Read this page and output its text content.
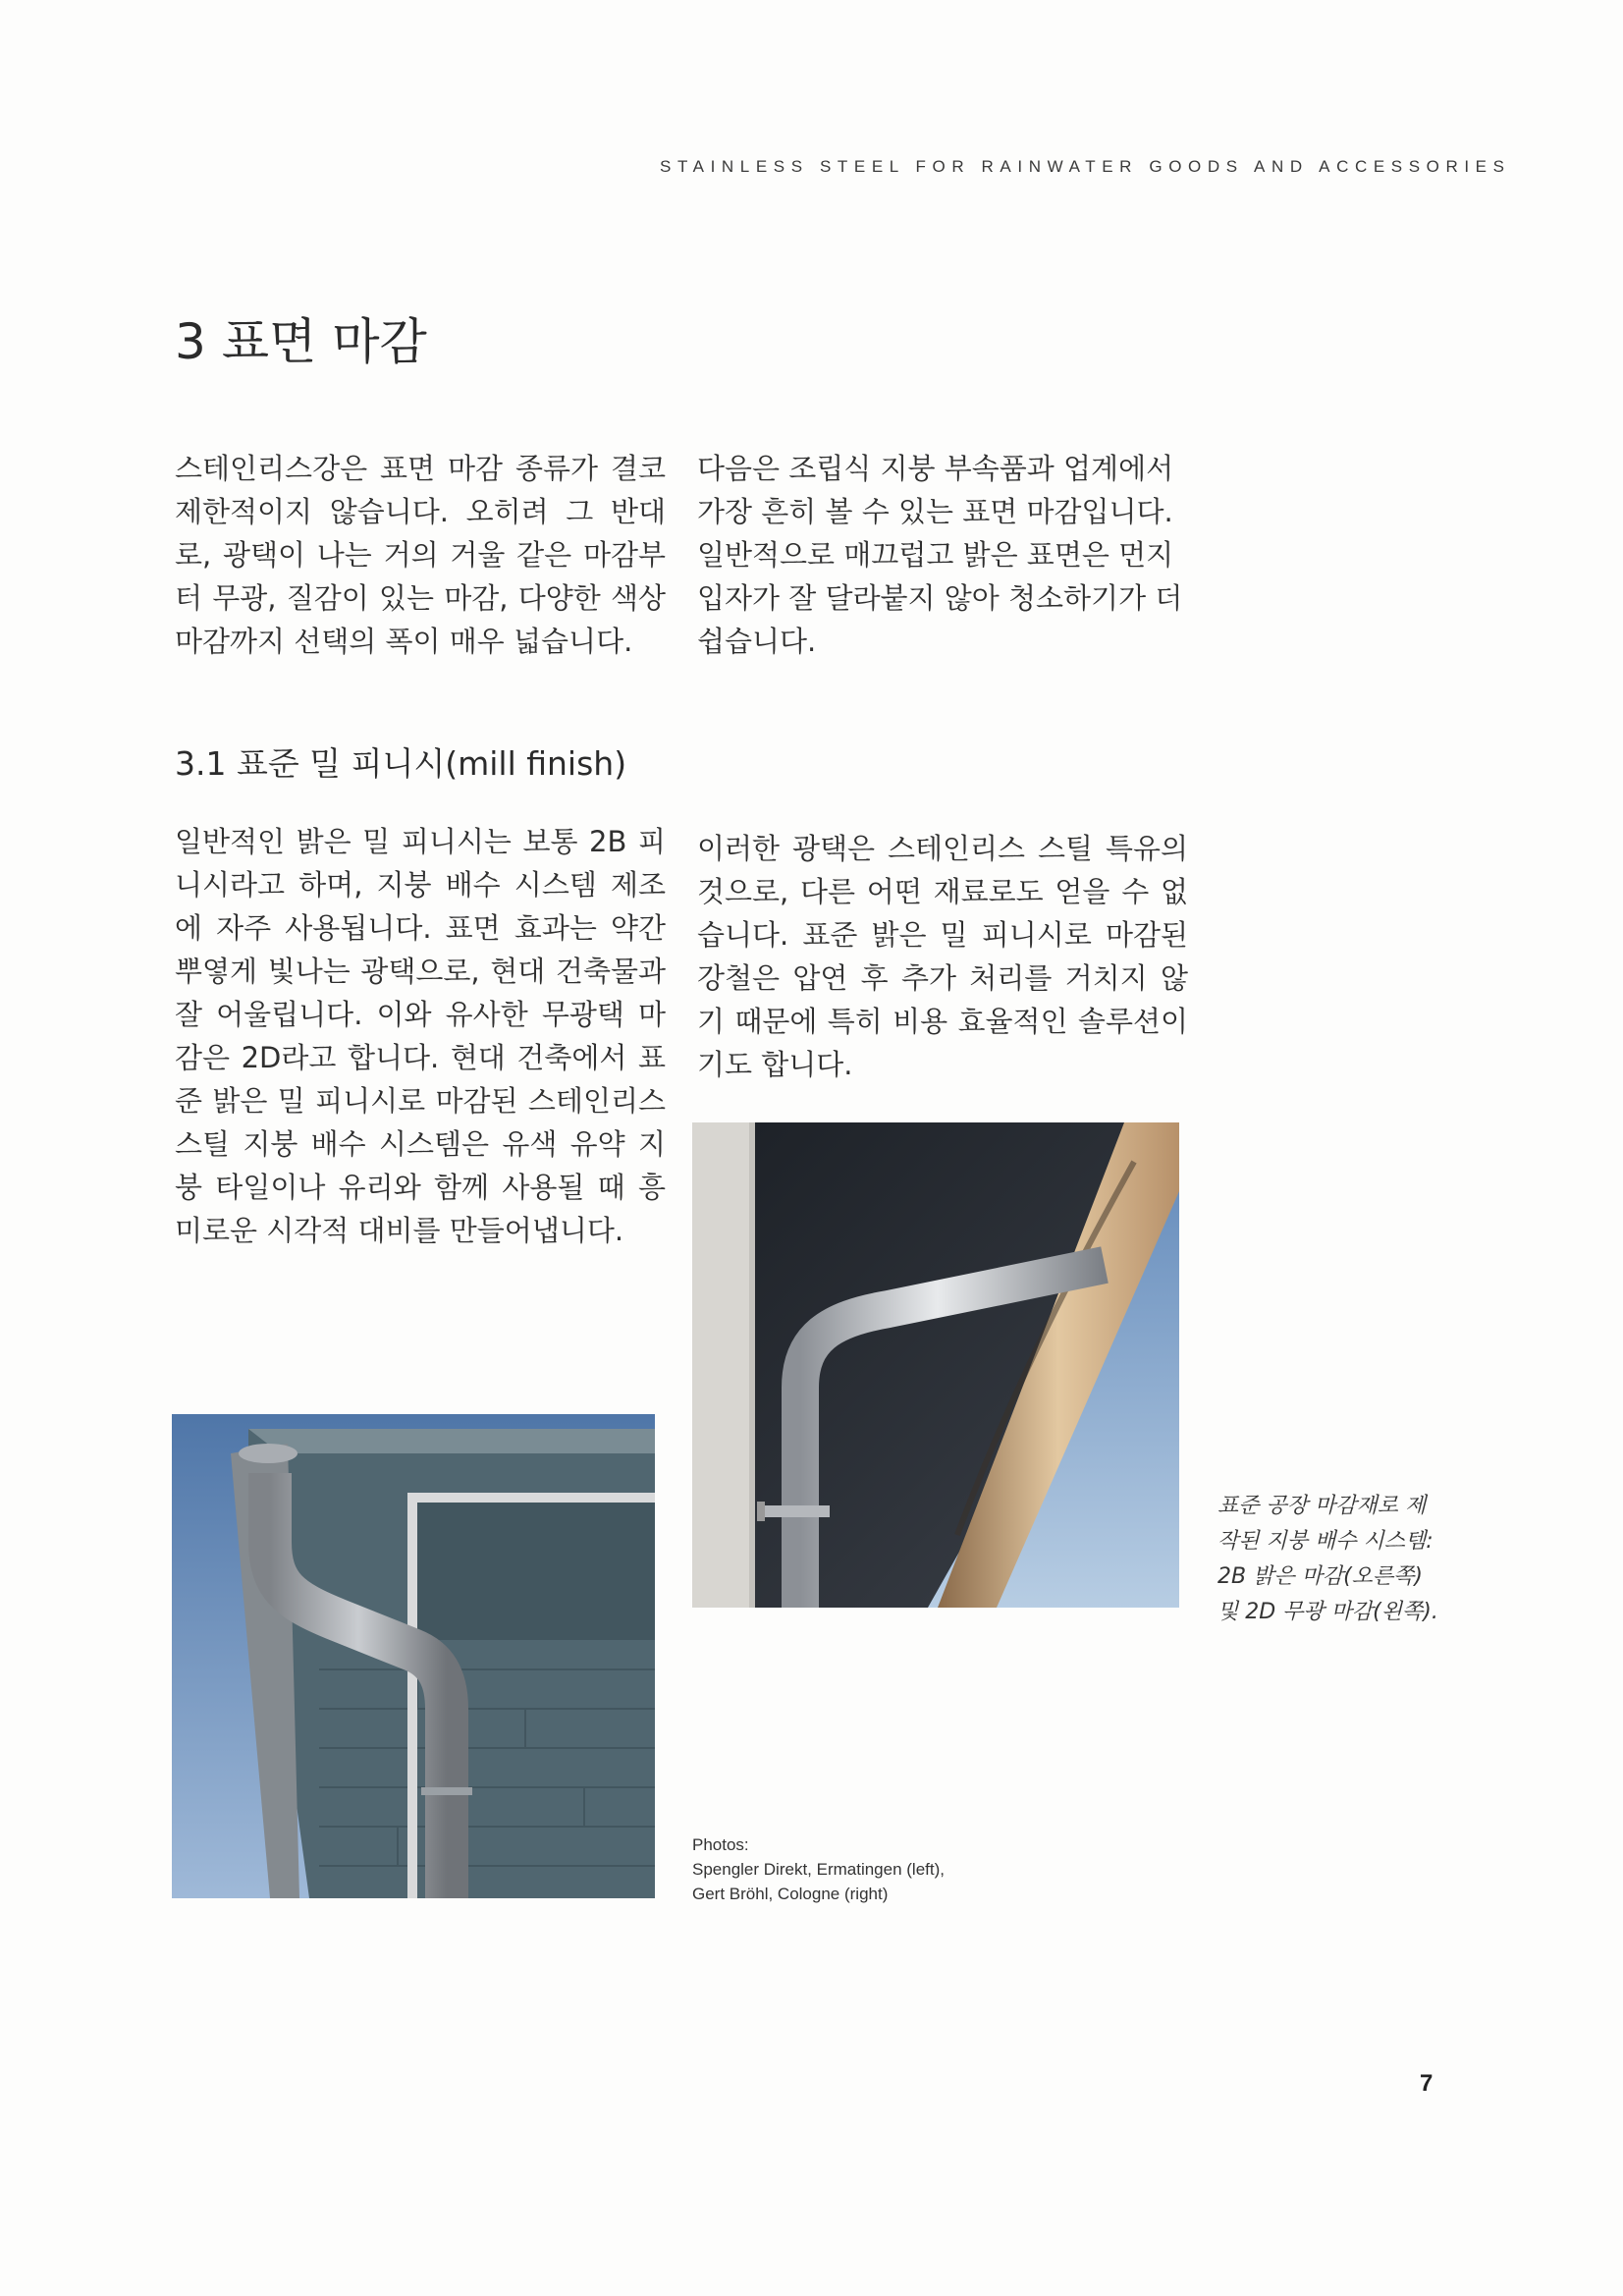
STAINLESS STEEL FOR RAINWATER GOODS AND ACCESSORIES
3 표면 마감

스테인리스강은 표면 마감 종류가 결코 제한적이지 않습니다. 오히려 그 반대로, 광택이 나는 거의 거울 같은 마감부터 무광, 질감이 있는 마감, 다양한 색상 마감까지 선택의 폭이 매우 넓습니다.

다음은 조립식 지붕 부속품과 업계에서 가장 흔히 볼 수 있는 표면 마감입니다. 일반적으로 매끄럽고 밝은 표면은 먼지 입자가 잘 달라붙지 않아 청소하기가 더 쉽습니다.

3.1 표준 밀 피니시(mill finish)

일반적인 밝은 밀 피니시는 보통 2B 피니시라고 하며, 지붕 배수 시스템 제조에 자주 사용됩니다. 표면 효과는 약간 뿌옇게 빛나는 광택으로, 현대 건축물과 잘 어울립니다. 이와 유사한 무광택 마감은 2D라고 합니다. 현대 건축에서 표준 밝은 밀 피니시로 마감된 스테인리스 스틸 지붕 배수 시스템은 유색 유약 지붕 타일이나 유리와 함께 사용될 때 흥미로운 시각적 대비를 만들어냅니다.

이러한 광택은 스테인리스 스틸 특유의 것으로, 다른 어떤 재료로도 얻을 수 없습니다. 표준 밝은 밀 피니시로 마감된 강철은 압연 후 추가 처리를 거치지 않기 때문에 특히 비용 효율적인 솔루션이기도 합니다.

표준 공장 마감재로 제작된 지붕 배수 시스템: 2B 밝은 마감(오른쪽) 및 2D 무광 마감(왼쪽).

Photos:
Spengler Direkt, Ermatingen (left),
Gert Bröhl, Cologne (right)
7
